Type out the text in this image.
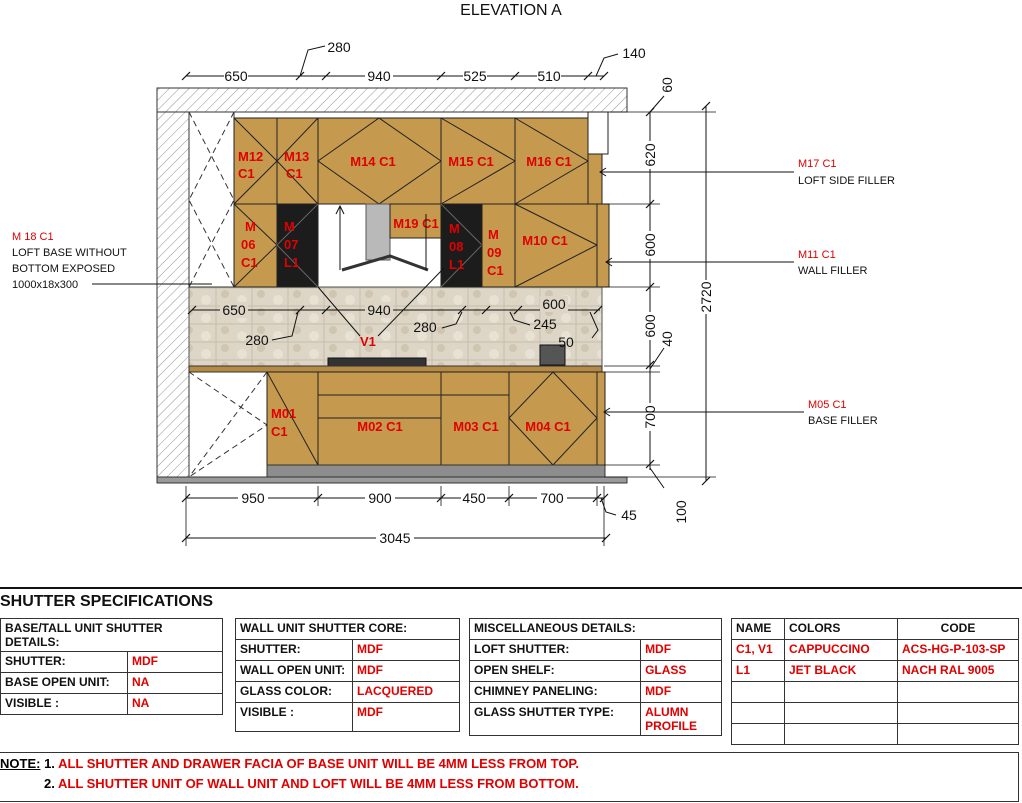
ELEVATION A
M12
C1
M13
C1
M14 C1	M15 C1 M16 C1
M
06
C1
M
07
L1
M19 C1 M
08
L1
M
09
C1
M10 C1
V1
M01
C1	M02 C1	M03 C1 M04 C1
280
650	940	525	510
140
60
620
600
600
40
700
100
2720
650	940	600
280
280	245
50
950	900	450	700
45
3045
M 18 C1
LOFT BASE WITHOUT
BOTTOM EXPOSED
1000x18x300
M17 C1
LOFT SIDE FILLER
M11 C1
WALL FILLER
M05 C1
BASE FILLER
SHUTTER SPECIFICATIONS
BASE/TALL UNIT SHUTTER DETAILS:	
SHUTTER:	MDF
BASE OPEN UNIT:	NA
VISIBLE :	NA
WALL UNIT SHUTTER CORE:	
SHUTTER:	MDF
WALL OPEN UNIT:	MDF
GLASS COLOR:	LACQUERED
VISIBLE :	MDF
MISCELLANEOUS DETAILS:	
LOFT SHUTTER:	MDF
OPEN SHELF:	GLASS
CHIMNEY PANELING:	MDF
GLASS SHUTTER TYPE:	ALUMN PROFILE
NAME	COLORS	CODE
C1, V1	CAPPUCCINO	ACS-HG-P-103-SP
L1	JET BLACK	NACH RAL 9005

NOTE: 1. ALL SHUTTER AND DRAWER FACIA OF BASE UNIT WILL BE 4MM LESS FROM TOP.
2. ALL SHUTTER UNIT OF WALL UNIT AND LOFT WILL BE 4MM LESS FROM BOTTOM.
